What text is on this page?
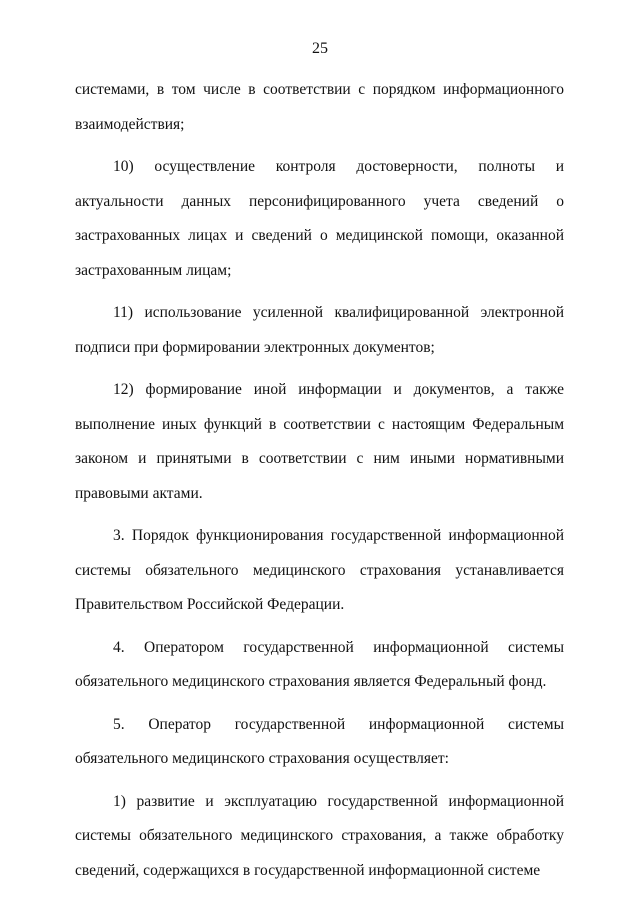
25

системами, в том числе в соответствии с порядком информационного взаимодействия;

10) осуществление контроля достоверности, полноты и актуальности данных персонифицированного учета сведений о застрахованных лицах и сведений о медицинской помощи, оказанной застрахованным лицам;

11) использование усиленной квалифицированной электронной подписи при формировании электронных документов;

12) формирование иной информации и документов, а также выполнение иных функций в соответствии с настоящим Федеральным законом и принятыми в соответствии с ним иными нормативными правовыми актами.

3. Порядок функционирования государственной информационной системы обязательного медицинского страхования устанавливается Правительством Российской Федерации.

4. Оператором государственной информационной системы обязательного медицинского страхования является Федеральный фонд.

5. Оператор государственной информационной системы обязательного медицинского страхования осуществляет:

1) развитие и эксплуатацию государственной информационной системы обязательного медицинского страхования, а также обработку сведений, содержащихся в государственной информационной системе
